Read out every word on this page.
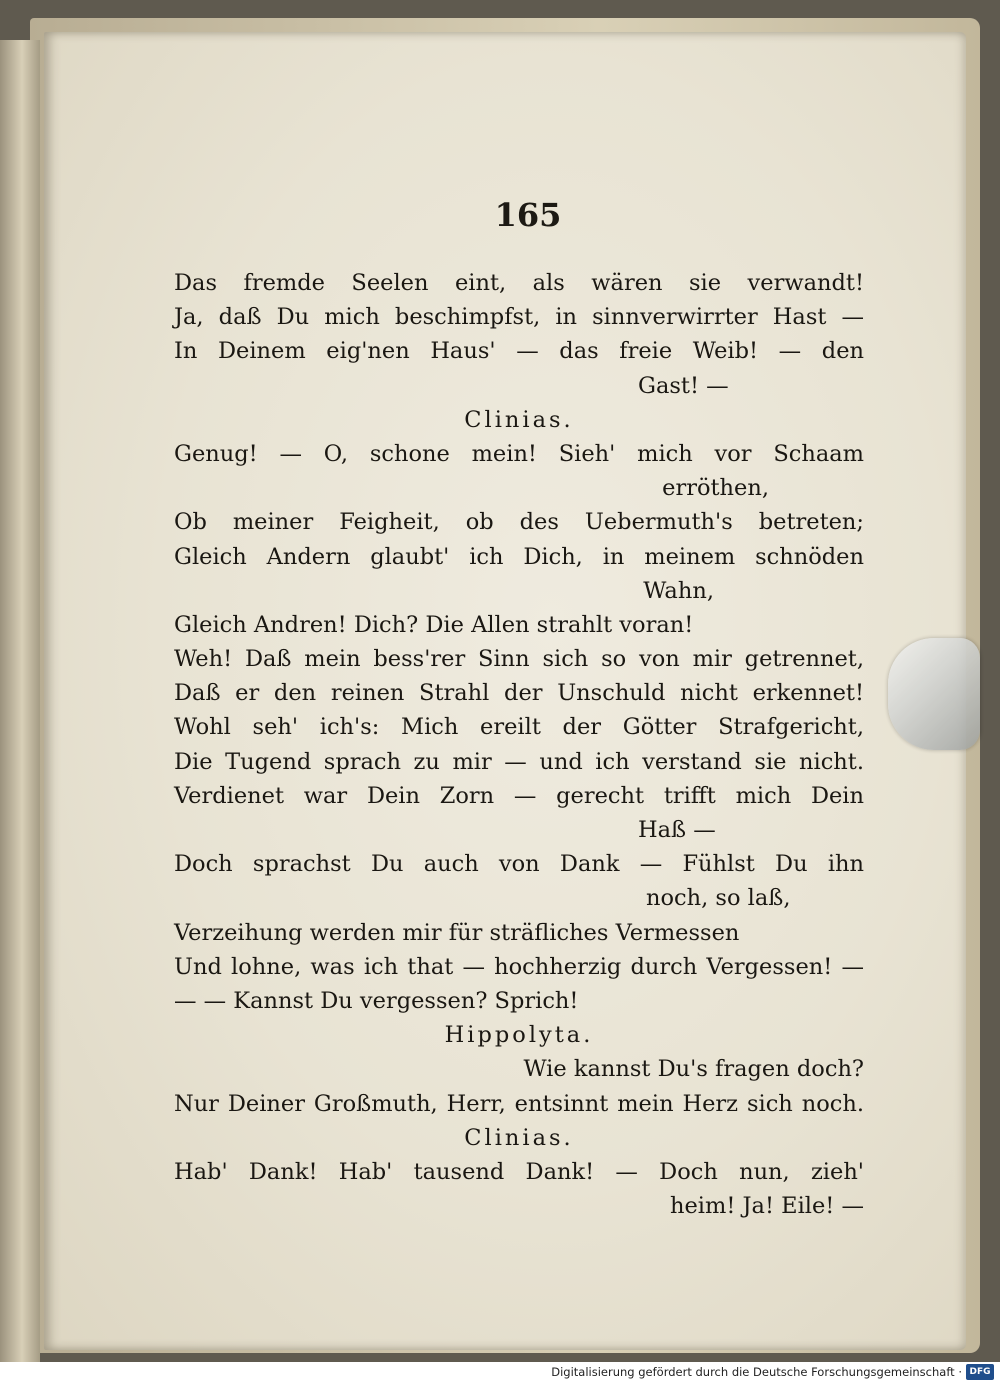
165
Das fremde Seelen eint, als wären sie verwandt!
Ja, daß Du mich beschimpfst, in sinnverwirrter Hast —
In Deinem eig'nen Haus' — das freie Weib! — den
Gast! —
Clinias.
Genug! — O, schone mein! Sieh' mich vor Schaam
erröthen,
Ob meiner Feigheit, ob des Uebermuth's betreten;
Gleich Andern glaubt' ich Dich, in meinem schnöden
Wahn,
Gleich Andren! Dich? Die Allen strahlt voran!
Weh! Daß mein bess'rer Sinn sich so von mir getrennet,
Daß er den reinen Strahl der Unschuld nicht erkennet!
Wohl seh' ich's: Mich ereilt der Götter Strafgericht,
Die Tugend sprach zu mir — und ich verstand sie nicht.
Verdienet war Dein Zorn — gerecht trifft mich Dein
Haß —
Doch sprachst Du auch von Dank — Fühlst Du ihn
noch, so laß,
Verzeihung werden mir für sträfliches Vermessen
Und lohne, was ich that — hochherzig durch Vergessen! —
— — Kannst Du vergessen? Sprich!
Hippolyta.
Wie kannst Du's fragen doch?
Nur Deiner Großmuth, Herr, entsinnt mein Herz sich noch.
Clinias.
Hab' Dank! Hab' tausend Dank! — Doch nun, zieh'
heim! Ja! Eile! —
Digitalisierung gefördert durch die Deutsche Forschungsgemeinschaft · DFG
